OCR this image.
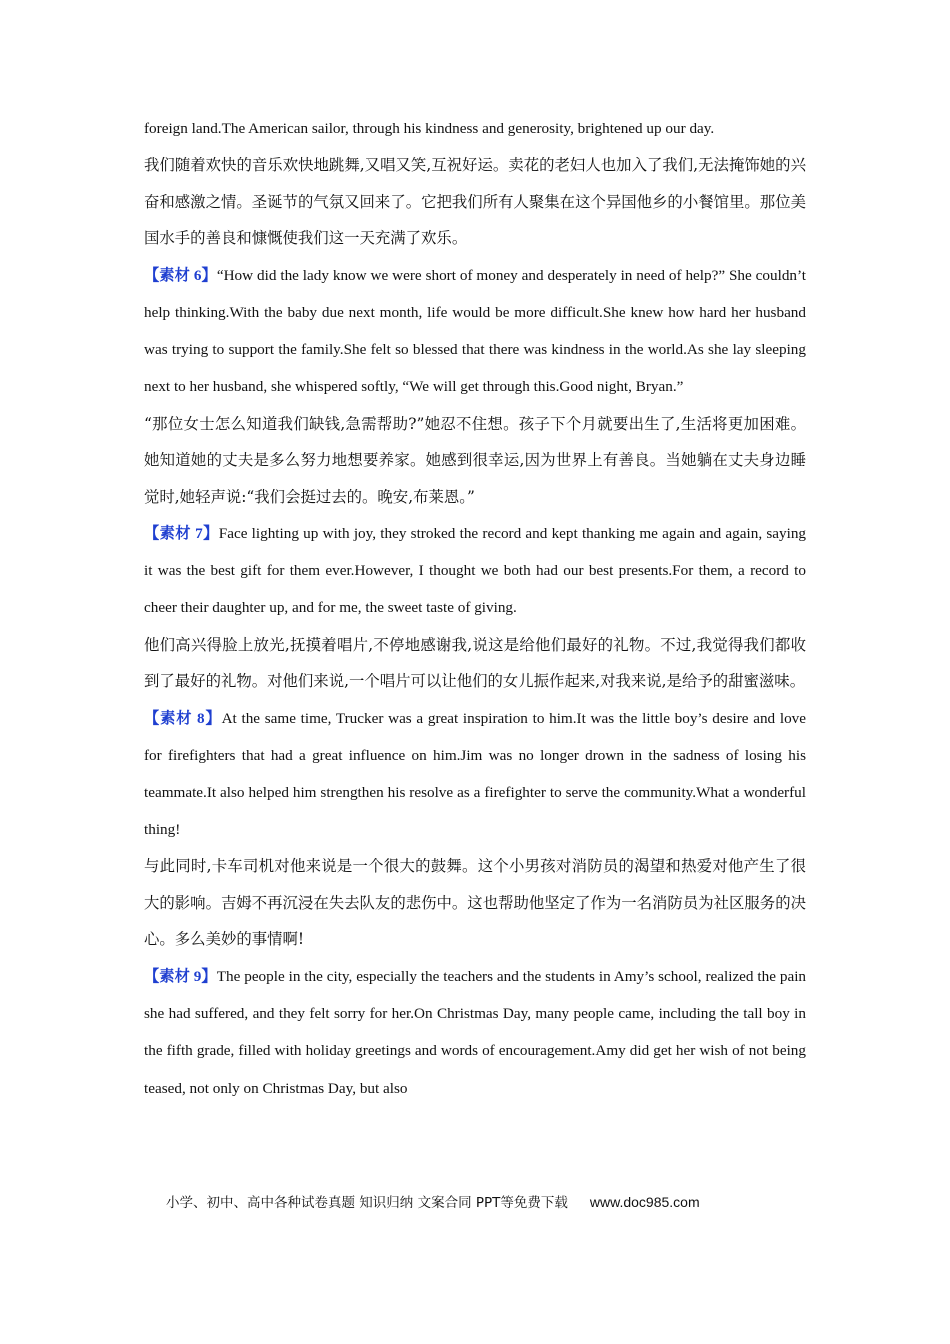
foreign land.The American sailor, through his kindness and generosity, brightened up our day.

我们随着欢快的音乐欢快地跳舞,又唱又笑,互祝好运。卖花的老妇人也加入了我们,无法掩饰她的兴奋和感激之情。圣诞节的气氛又回来了。它把我们所有人聚集在这个异国他乡的小餐馆里。那位美国水手的善良和慷慨使我们这一天充满了欢乐。

【素材 6】“How did the lady know we were short of money and desperately in need of help?” She couldn’t help thinking.With the baby due next month, life would be more difficult.She knew how hard her husband was trying to support the family.She felt so blessed that there was kindness in the world.As she lay sleeping next to her husband, she whispered softly, “We will get through this.Good night, Bryan.”

“那位女士怎么知道我们缺钱,急需帮助?”她忍不住想。孩子下个月就要出生了,生活将更加困难。她知道她的丈夫是多么努力地想要养家。她感到很幸运,因为世界上有善良。当她躺在丈夫身边睡觉时,她轻声说:“我们会挺过去的。晚安,布莱恩。”

【素材 7】Face lighting up with joy, they stroked the record and kept thanking me again and again, saying it was the best gift for them ever.However, I thought we both had our best presents.For them, a record to cheer their daughter up, and for me, the sweet taste of giving.

他们高兴得脸上放光,抚摸着唱片,不停地感谢我,说这是给他们最好的礼物。不过,我觉得我们都收到了最好的礼物。对他们来说,一个唱片可以让他们的女儿振作起来,对我来说,是给予的甜蜜滋味。

【素材 8】At the same time, Trucker was a great inspiration to him.It was the little boy’s desire and love for firefighters that had a great influence on him.Jim was no longer drown in the sadness of losing his teammate.It also helped him strengthen his resolve as a firefighter to serve the community.What a wonderful thing!

与此同时,卡车司机对他来说是一个很大的鼓舞。这个小男孩对消防员的渴望和热爱对他产生了很大的影响。吉姆不再沉浸在失去队友的悲伤中。这也帮助他坚定了作为一名消防员为社区服务的决心。多么美妙的事情啊!

【素材 9】The people in the city, especially the teachers and the students in Amy’s school, realized the pain she had suffered, and they felt sorry for her.On Christmas Day, many people came, including the tall boy in the fifth grade, filled with holiday greetings and words of encouragement.Amy did get her wish of not being teased, not only on Christmas Day, but also

小学、初中、高中各种试卷真题 知识归纳 文案合同 PPT等免费下载 www.doc985.com
